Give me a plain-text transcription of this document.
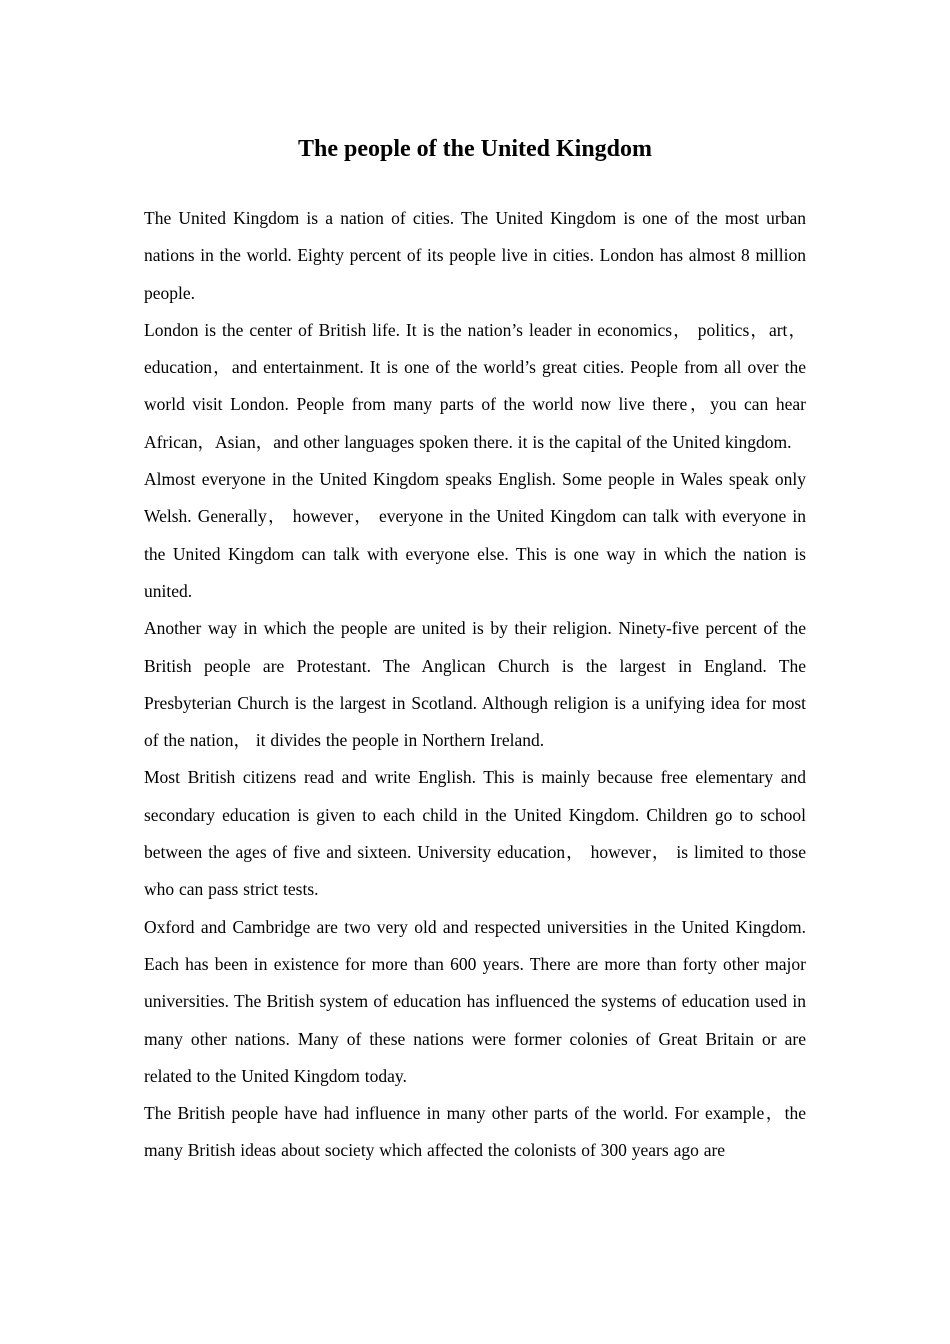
The people of the United Kingdom

The United Kingdom is a nation of cities. The United Kingdom is one of the most urban nations in the world. Eighty percent of its people live in cities. London has almost 8 million people.

London is the center of British life. It is the nation’s leader in economics， politics，art，education，and entertainment. It is one of the world’s great cities. People from all over the world visit London. People from many parts of the world now live there，you can hear African，Asian，and other languages spoken there. it is the capital of the United kingdom.

Almost everyone in the United Kingdom speaks English. Some people in Wales speak only Welsh. Generally， however， everyone in the United Kingdom can talk with everyone in the United Kingdom can talk with everyone else. This is one way in which the nation is united.

Another way in which the people are united is by their religion. Ninety-five percent of the British people are Protestant. The Anglican Church is the largest in England. The Presbyterian Church is the largest in Scotland. Although religion is a unifying idea for most of the nation， it divides the people in Northern Ireland.

Most British citizens read and write English. This is mainly because free elementary and secondary education is given to each child in the United Kingdom. Children go to school between the ages of five and sixteen. University education， however， is limited to those who can pass strict tests.

Oxford and Cambridge are two very old and respected universities in the United Kingdom. Each has been in existence for more than 600 years. There are more than forty other major universities. The British system of education has influenced the systems of education used in many other nations. Many of these nations were former colonies of Great Britain or are related to the United Kingdom today.

The British people have had influence in many other parts of the world. For example，the many British ideas about society which affected the colonists of 300 years ago are
